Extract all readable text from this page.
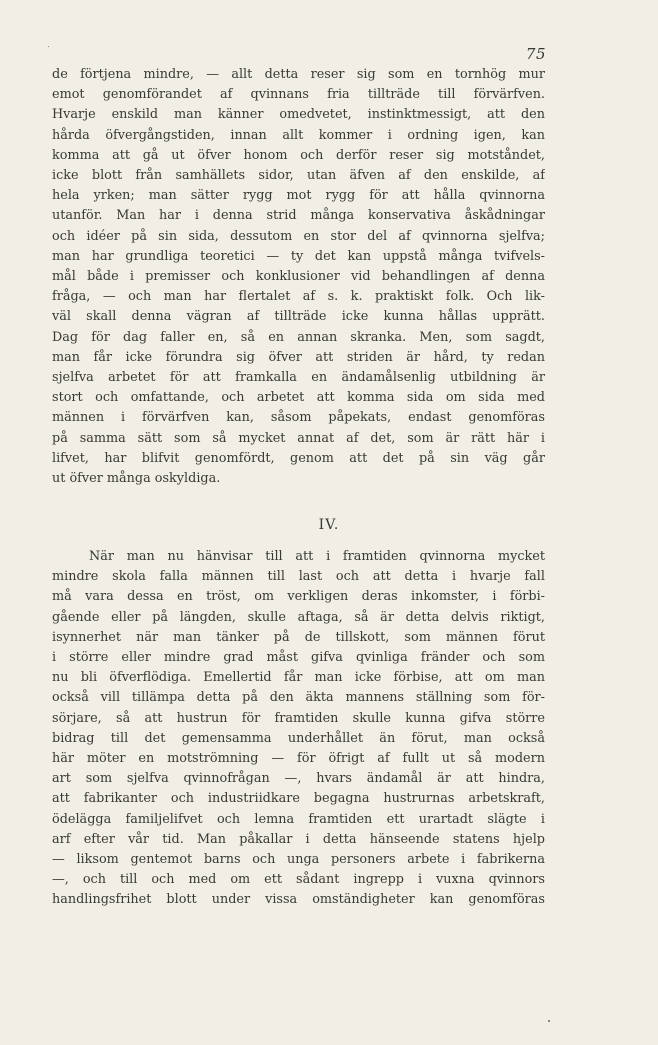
75
de förtjena mindre, — allt detta reser sig som en tornhög mur
emot genomförandet af qvinnans fria tillträde till förvärfven.
Hvarje enskild man känner omedvetet, instinktmessigt, att den
hårda öfvergångstiden, innan allt kommer i ordning igen, kan
komma att gå ut öfver honom och derför reser sig motståndet,
icke blott från samhällets sidor, utan äfven af den enskilde, af
hela yrken; man sätter rygg mot rygg för att hålla qvinnorna
utanför. Man har i denna strid många konservativa åskådningar
och idéer på sin sida, dessutom en stor del af qvinnorna sjelfva;
man har grundliga teoretici — ty det kan uppstå många tvifvels-
mål både i premisser och konklusioner vid behandlingen af denna
fråga, — och man har flertalet af s. k. praktiskt folk. Och lik-
väl skall denna vägran af tillträde icke kunna hållas upprätt.
Dag för dag faller en, så en annan skranka. Men, som sagdt,
man får icke förundra sig öfver att striden är hård, ty redan
sjelfva arbetet för att framkalla en ändamålsenlig utbildning är
stort och omfattande, och arbetet att komma sida om sida med
männen i förvärfven kan, såsom påpekats, endast genomföras
på samma sätt som så mycket annat af det, som är rätt här i
lifvet, har blifvit genomfördt, genom att det på sin väg går
ut öfver många oskyldiga.
IV.
När man nu hänvisar till att i framtiden qvinnorna mycket
mindre skola falla männen till last och att detta i hvarje fall
må vara dessa en tröst, om verkligen deras inkomster, i förbi-
gående eller på längden, skulle aftaga, så är detta delvis riktigt,
isynnerhet när man tänker på de tillskott, som männen förut
i större eller mindre grad måst gifva qvinliga fränder och som
nu bli öfverflödiga. Emellertid får man icke förbise, att om man
också vill tillämpa detta på den äkta mannens ställning som för-
sörjare, så att hustrun för framtiden skulle kunna gifva större
bidrag till det gemensamma underhållet än förut, man också
här möter en motströmning — för öfrigt af fullt ut så modern
art som sjelfva qvinnofrågan —, hvars ändamål är att hindra,
att fabrikanter och industriidkare begagna hustrurnas arbetskraft,
ödelägga familjelifvet och lemna framtiden ett urartadt slägte i
arf efter vår tid. Man påkallar i detta hänseende statens hjelp
— liksom gentemot barns och unga personers arbete i fabrikerna
—, och till och med om ett sådant ingrepp i vuxna qvinnors
handlingsfrihet blott under vissa omständigheter kan genomföras
